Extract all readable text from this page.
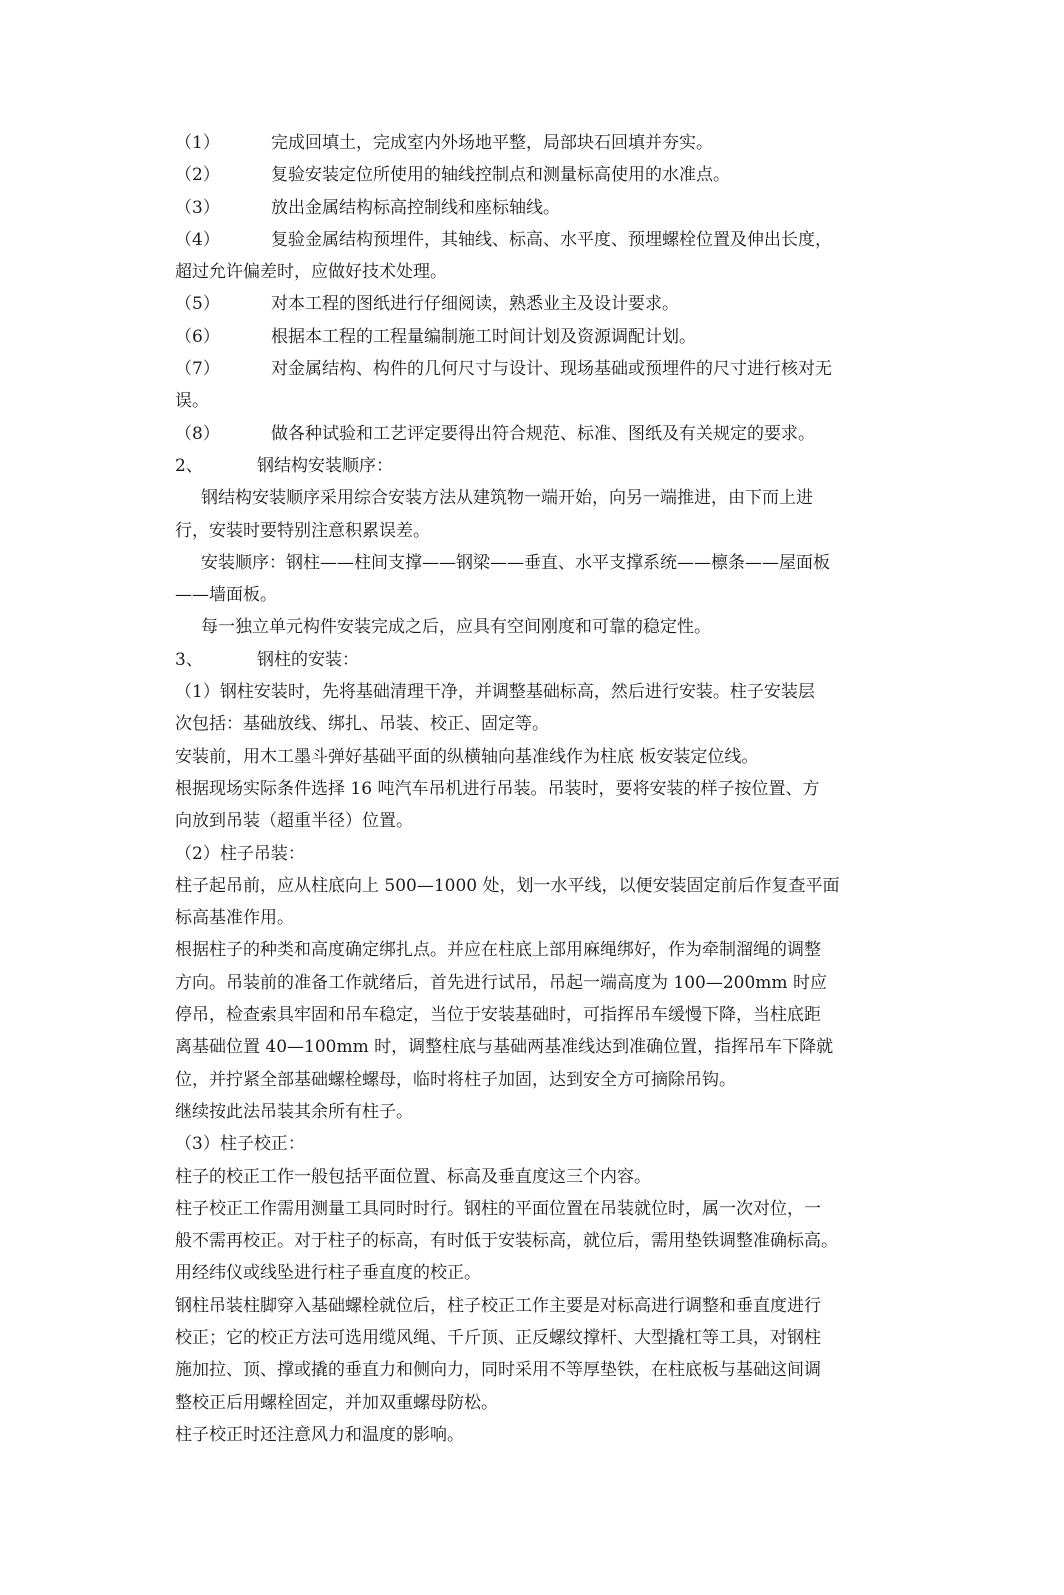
（1）	完成回填土，完成室内外场地平整，局部块石回填并夯实。
（2）	复验安装定位所使用的轴线控制点和测量标高使用的水准点。
（3）	放出金属结构标高控制线和座标轴线。
（4）	复验金属结构预埋件，其轴线、标高、水平度、预埋螺栓位置及伸出长度，
超过允许偏差时，应做好技术处理。
（5）	对本工程的图纸进行仔细阅读，熟悉业主及设计要求。
（6）	根据本工程的工程量编制施工时间计划及资源调配计划。
（7）	对金属结构、构件的几何尺寸与设计、现场基础或预埋件的尺寸进行核对无
误。
（8）	做各种试验和工艺评定要得出符合规范、标准、图纸及有关规定的要求。
2、	钢结构安装顺序：
钢结构安装顺序采用综合安装方法从建筑物一端开始，向另一端推进，由下而上进
行，安装时要特别注意积累误差。
安装顺序：钢柱——柱间支撑——钢梁——垂直、水平支撑系统——檩条——屋面板
——墙面板。
每一独立单元构件安装完成之后，应具有空间刚度和可靠的稳定性。
3、	钢柱的安装：
（1）钢柱安装时，先将基础清理干净，并调整基础标高，然后进行安装。柱子安装层
次包括：基础放线、绑扎、吊装、校正、固定等。
安装前，用木工墨斗弹好基础平面的纵横轴向基准线作为柱底 板安装定位线。
根据现场实际条件选择 16 吨汽车吊机进行吊装。吊装时，要将安装的样子按位置、方
向放到吊装（超重半径）位置。
（2）柱子吊装：
柱子起吊前，应从柱底向上 500—1000 处，划一水平线，以便安装固定前后作复查平面
标高基准作用。
根据柱子的种类和高度确定绑扎点。并应在柱底上部用麻绳绑好，作为牵制溜绳的调整
方向。吊装前的准备工作就绪后，首先进行试吊，吊起一端高度为 100—200mm 时应
停吊，检查索具牢固和吊车稳定，当位于安装基础时，可指挥吊车缓慢下降，当柱底距
离基础位置 40—100mm 时，调整柱底与基础两基准线达到准确位置，指挥吊车下降就
位，并拧紧全部基础螺栓螺母，临时将柱子加固，达到安全方可摘除吊钩。
继续按此法吊装其余所有柱子。
（3）柱子校正：
柱子的校正工作一般包括平面位置、标高及垂直度这三个内容。
柱子校正工作需用测量工具同时时行。钢柱的平面位置在吊装就位时，属一次对位，一
般不需再校正。对于柱子的标高，有时低于安装标高，就位后，需用垫铁调整准确标高。
用经纬仪或线坠进行柱子垂直度的校正。
钢柱吊装柱脚穿入基础螺栓就位后，柱子校正工作主要是对标高进行调整和垂直度进行
校正；它的校正方法可选用缆风绳、千斤顶、正反螺纹撑杆、大型撬杠等工具，对钢柱
施加拉、顶、撑或撬的垂直力和侧向力，同时采用不等厚垫铁，在柱底板与基础这间调
整校正后用螺栓固定，并加双重螺母防松。
柱子校正时还注意风力和温度的影响。
